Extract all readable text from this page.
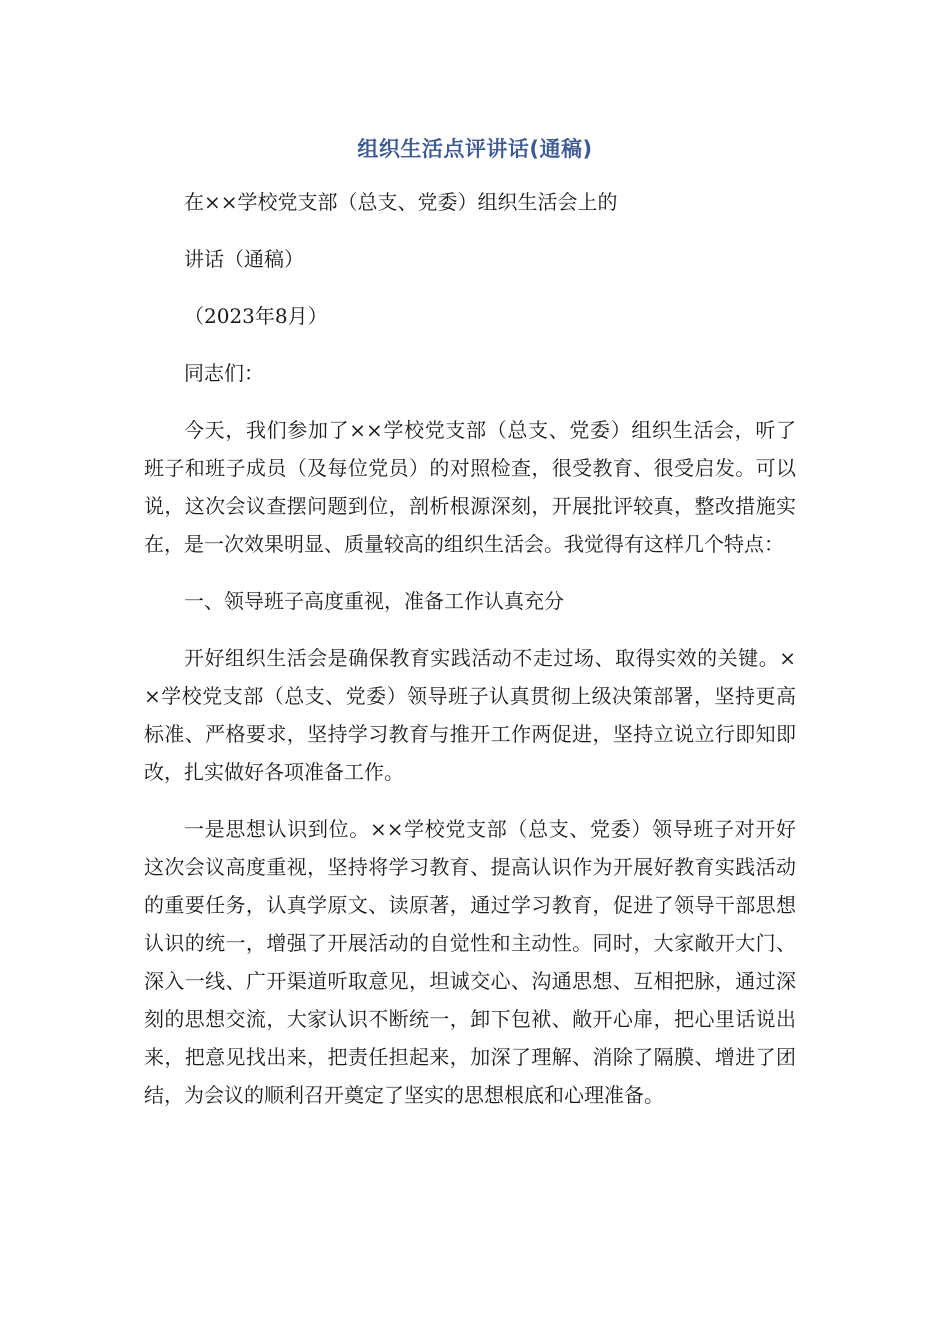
组织生活点评讲话(通稿)

在××学校党支部（总支、党委）组织生活会上的

讲话（通稿）

（2023年8月）

同志们：

今天，我们参加了××学校党支部（总支、党委）组织生活会，听了班子和班子成员（及每位党员）的对照检查，很受教育、很受启发。可以说，这次会议查摆问题到位，剖析根源深刻，开展批评较真，整改措施实在，是一次效果明显、质量较高的组织生活会。我觉得有这样几个特点：

一、领导班子高度重视，准备工作认真充分

开好组织生活会是确保教育实践活动不走过场、取得实效的关键。××学校党支部（总支、党委）领导班子认真贯彻上级决策部署，坚持更高标准、严格要求，坚持学习教育与推开工作两促进，坚持立说立行即知即改，扎实做好各项准备工作。

一是思想认识到位。××学校党支部（总支、党委）领导班子对开好这次会议高度重视，坚持将学习教育、提高认识作为开展好教育实践活动的重要任务，认真学原文、读原著，通过学习教育，促进了领导干部思想认识的统一，增强了开展活动的自觉性和主动性。同时，大家敞开大门、深入一线、广开渠道听取意见，坦诚交心、沟通思想、互相把脉，通过深刻的思想交流，大家认识不断统一，卸下包袱、敞开心扉，把心里话说出来，把意见找出来，把责任担起来，加深了理解、消除了隔膜、增进了团结，为会议的顺利召开奠定了坚实的思想根底和心理准备。
